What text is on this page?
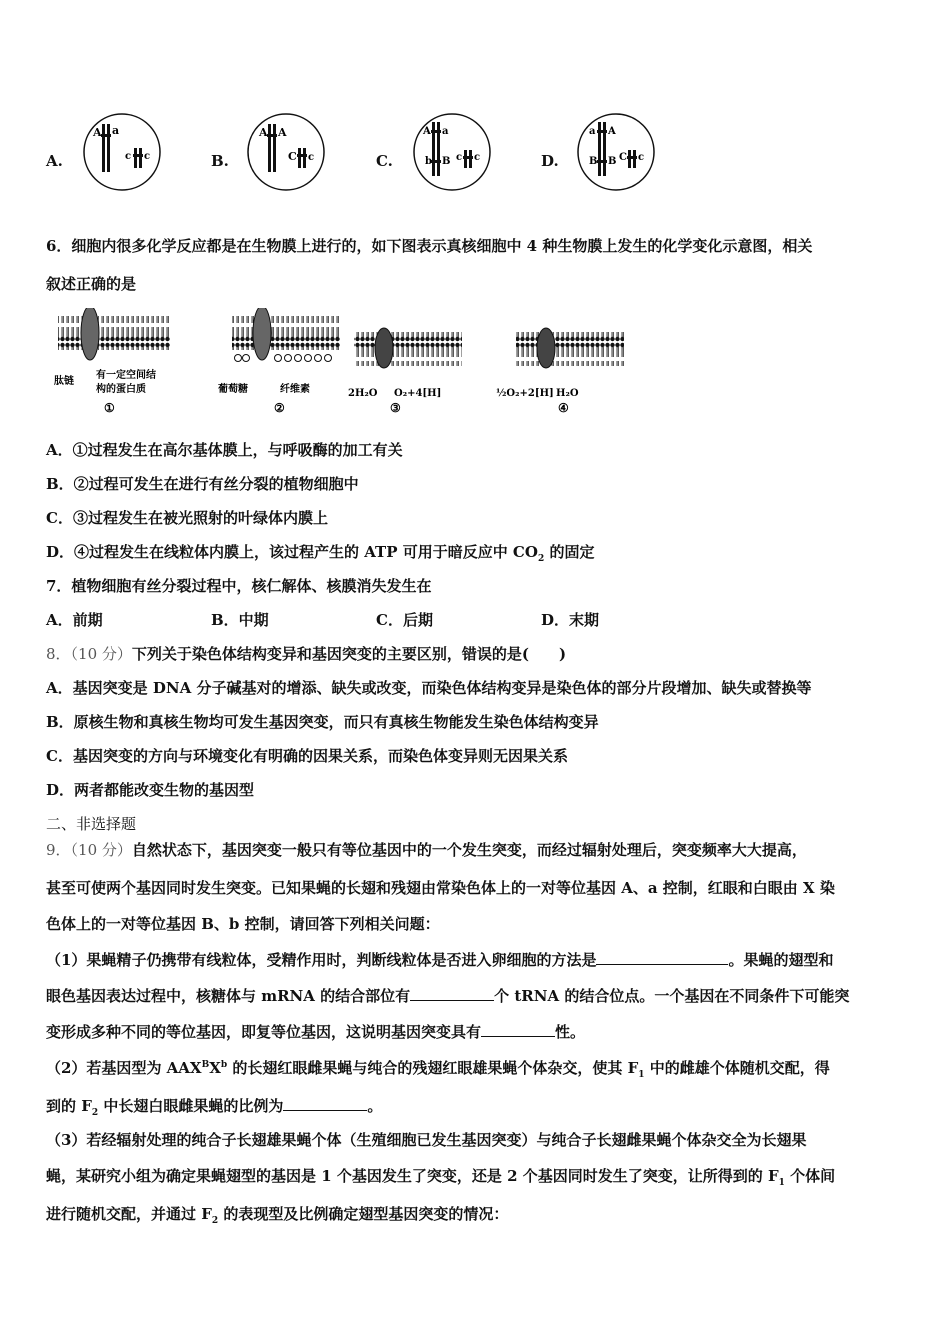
A.
A a
c c	B.
A A
C c	C.
A a
b B c c	D.
a A
B B C c
6．细胞内很多化学反应都是在生物膜上进行的，如下图表示真核细胞中 4 种生物膜上发生的化学变化示意图，相关
叙述正确的是
肽链
有一定空间结
构的蛋白质
①
葡萄糖	纤维素
②
2H₂O O₂+4[H]
③
½O₂+2[H] H₂O
④
A．①过程发生在高尔基体膜上，与呼吸酶的加工有关
B．②过程可发生在进行有丝分裂的植物细胞中
C．③过程发生在被光照射的叶绿体内膜上
D．④过程发生在线粒体内膜上，该过程产生的 ATP 可用于暗反应中 $CO_2$ 的固定
7．植物细胞有丝分裂过程中，核仁解体、核膜消失发生在
A．前期	B．中期	C．后期	D．末期
8．（10 分）下列关于染色体结构变异和基因突变的主要区别，错误的是(　　)
A．基因突变是 DNA 分子碱基对的增添、缺失或改变，而染色体结构变异是染色体的部分片段增加、缺失或替换等
B．原核生物和真核生物均可发生基因突变，而只有真核生物能发生染色体结构变异
C．基因突变的方向与环境变化有明确的因果关系，而染色体变异则无因果关系
D．两者都能改变生物的基因型
二、非选择题
9．（10 分）自然状态下，基因突变一般只有等位基因中的一个发生突变，而经过辐射处理后，突变频率大大提高，
甚至可使两个基因同时发生突变。已知果蝇的长翅和残翅由常染色体上的一对等位基因 A、a 控制，红眼和白眼由 X 染
色体上的一对等位基因 B、b 控制，请回答下列相关问题：
（1）果蝇精子仍携带有线粒体，受精作用时，判断线粒体是否进入卵细胞的方法是	。果蝇的翅型和
眼色基因表达过程中，核糖体与 mRNA 的结合部位有	个 tRNA 的结合位点。一个基因在不同条件下可能突
变形成多种不同的等位基因，即复等位基因，这说明基因突变具有	性。
（2）若基因型为 $AAX^BX^b$ 的长翅红眼雌果蝇与纯合的残翅红眼雄果蝇个体杂交，使其 $F_1$ 中的雌雄个体随机交配，得
到的 $F_2$ 中长翅白眼雌果蝇的比例为	。
（3）若经辐射处理的纯合子长翅雄果蝇个体（生殖细胞已发生基因突变）与纯合子长翅雌果蝇个体杂交全为长翅果
蝇，某研究小组为确定果蝇翅型的基因是 1 个基因发生了突变，还是 2 个基因同时发生了突变，让所得到的 $F_1$ 个体间
进行随机交配，并通过 $F_2$ 的表现型及比例确定翅型基因突变的情况：
